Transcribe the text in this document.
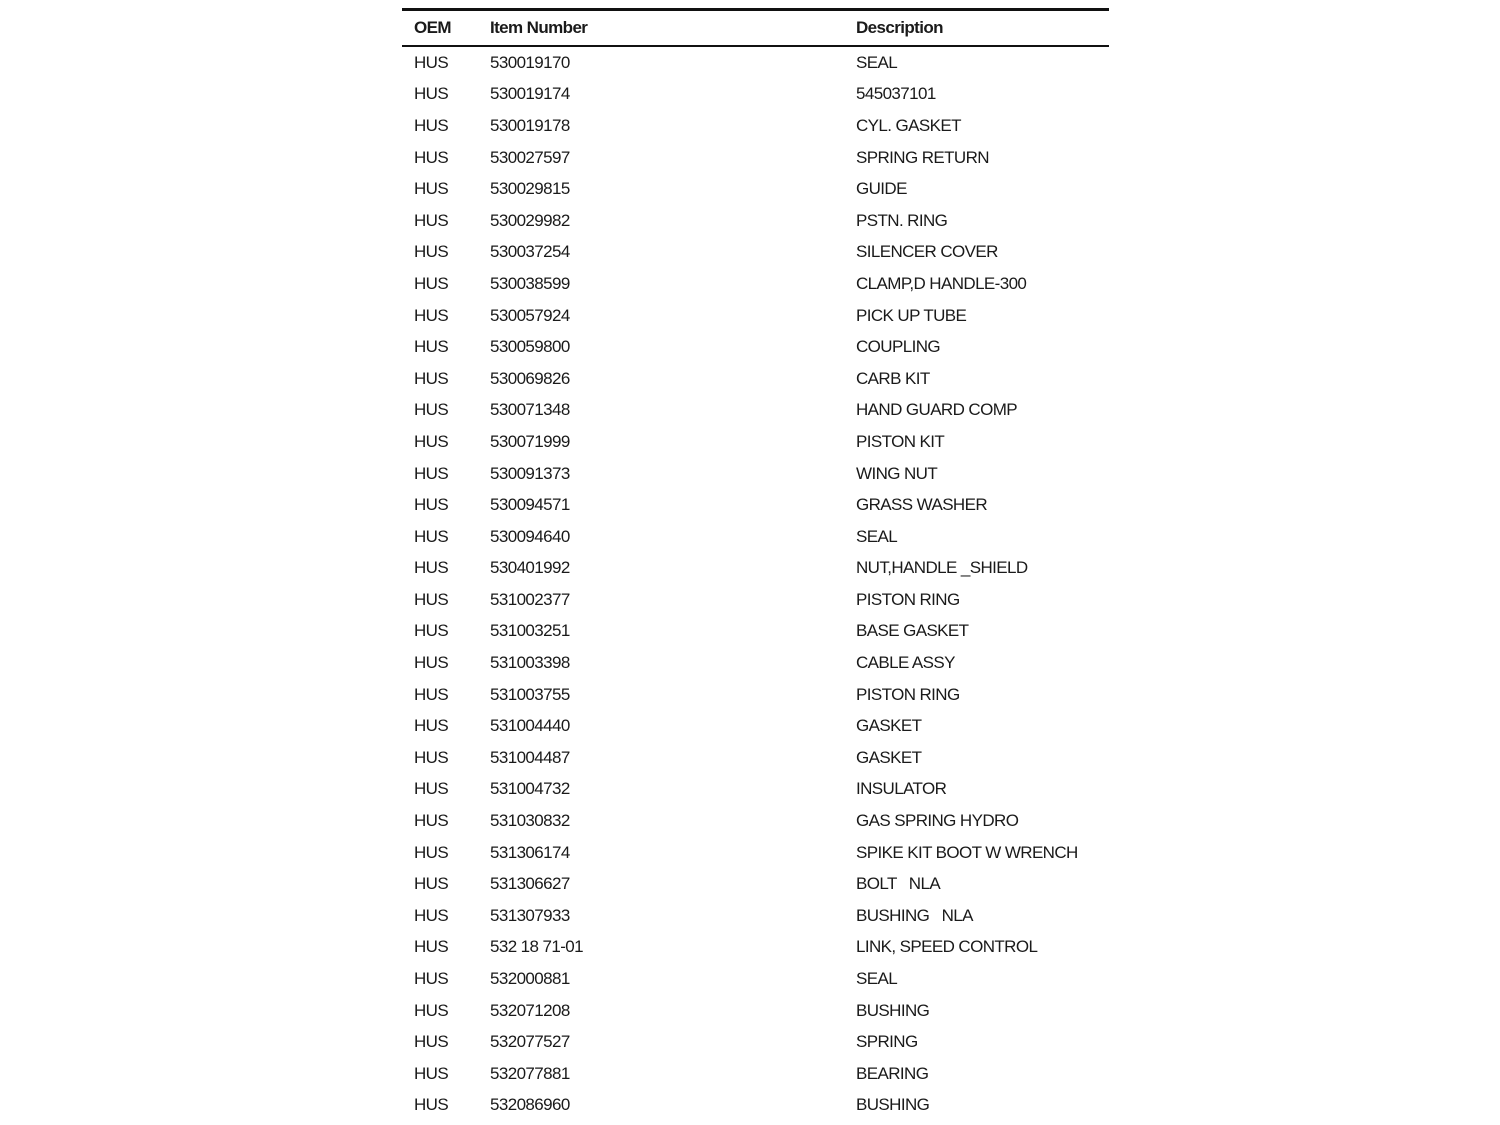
OEM	Item Number	Description
HUS	530019170	SEAL
HUS	530019174	545037101
HUS	530019178	CYL. GASKET
HUS	530027597	SPRING RETURN
HUS	530029815	GUIDE
HUS	530029982	PSTN. RING
HUS	530037254	SILENCER COVER
HUS	530038599	CLAMP,D HANDLE-300
HUS	530057924	PICK UP TUBE
HUS	530059800	COUPLING
HUS	530069826	CARB KIT
HUS	530071348	HAND GUARD COMP
HUS	530071999	PISTON KIT
HUS	530091373	WING NUT
HUS	530094571	GRASS WASHER
HUS	530094640	SEAL
HUS	530401992	NUT,HANDLE _SHIELD
HUS	531002377	PISTON RING
HUS	531003251	BASE GASKET
HUS	531003398	CABLE ASSY
HUS	531003755	PISTON RING
HUS	531004440	GASKET
HUS	531004487	GASKET
HUS	531004732	INSULATOR
HUS	531030832	GAS SPRING HYDRO
HUS	531306174	SPIKE KIT BOOT W WRENCH
HUS	531306627	BOLT   NLA
HUS	531307933	BUSHING   NLA
HUS	532 18 71-01	LINK, SPEED CONTROL
HUS	532000881	SEAL
HUS	532071208	BUSHING
HUS	532077527	SPRING
HUS	532077881	BEARING
HUS	532086960	BUSHING
